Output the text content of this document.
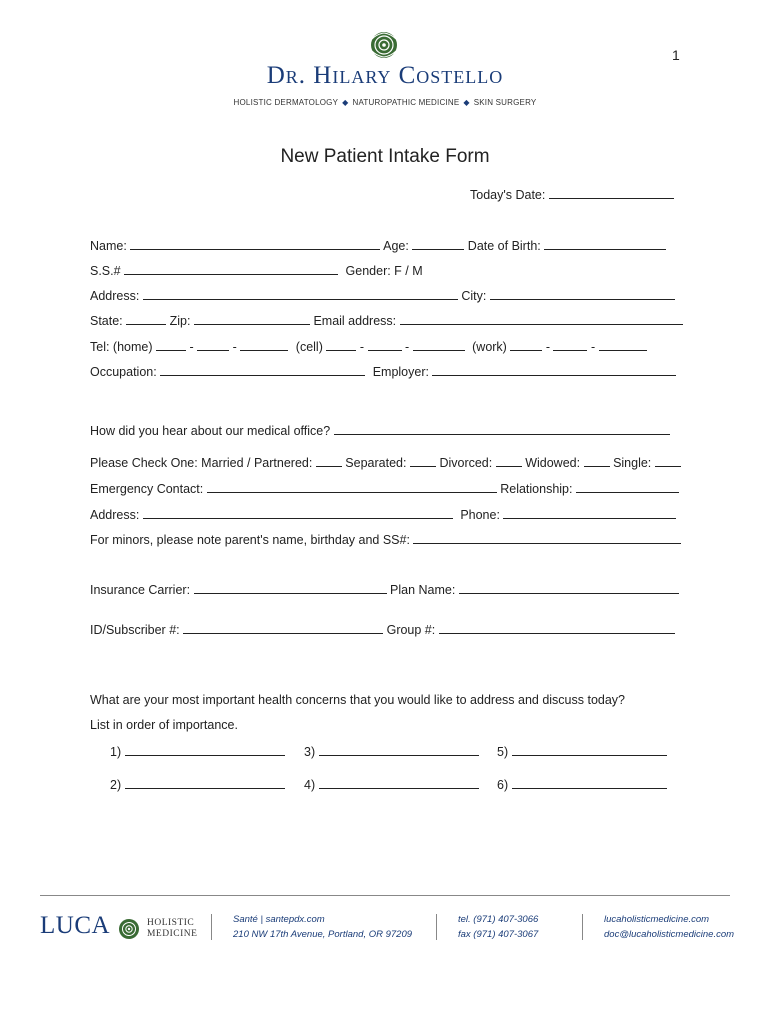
1
Dr. Hilary Costello
HOLISTIC DERMATOLOGY ◆ NATUROPATHIC MEDICINE ◆ SKIN SURGERY
New Patient Intake Form
Today's Date:
Name:	Age:	Date of Birth:
S.S.#	Gender: F / M
Address:	City:
State:	Zip:	Email address:
Tel: (home)	-	-	(cell)	-	-	(work)	-	-
Occupation:	Employer:
How did you hear about our medical office?
Please Check One: Married / Partnered:	Separated:	Divorced:	Widowed:	Single:
Emergency Contact:	Relationship:
Address:	Phone:
For minors, please note parent's name, birthday and SS#:
Insurance Carrier:	Plan Name:
ID/Subscriber #:	Group #:
What are your most important health concerns that you would like to address and discuss today?
List in order of importance.
1)	3)	5)
2)	4)	6)
LUCA	HOLISTIC
MEDICINE
Santé | santepdx.com
210 NW 17th Avenue, Portland, OR 97209
tel. (971) 407-3066
fax (971) 407-3067
lucaholisticmedicine.com
doc@lucaholisticmedicine.com
